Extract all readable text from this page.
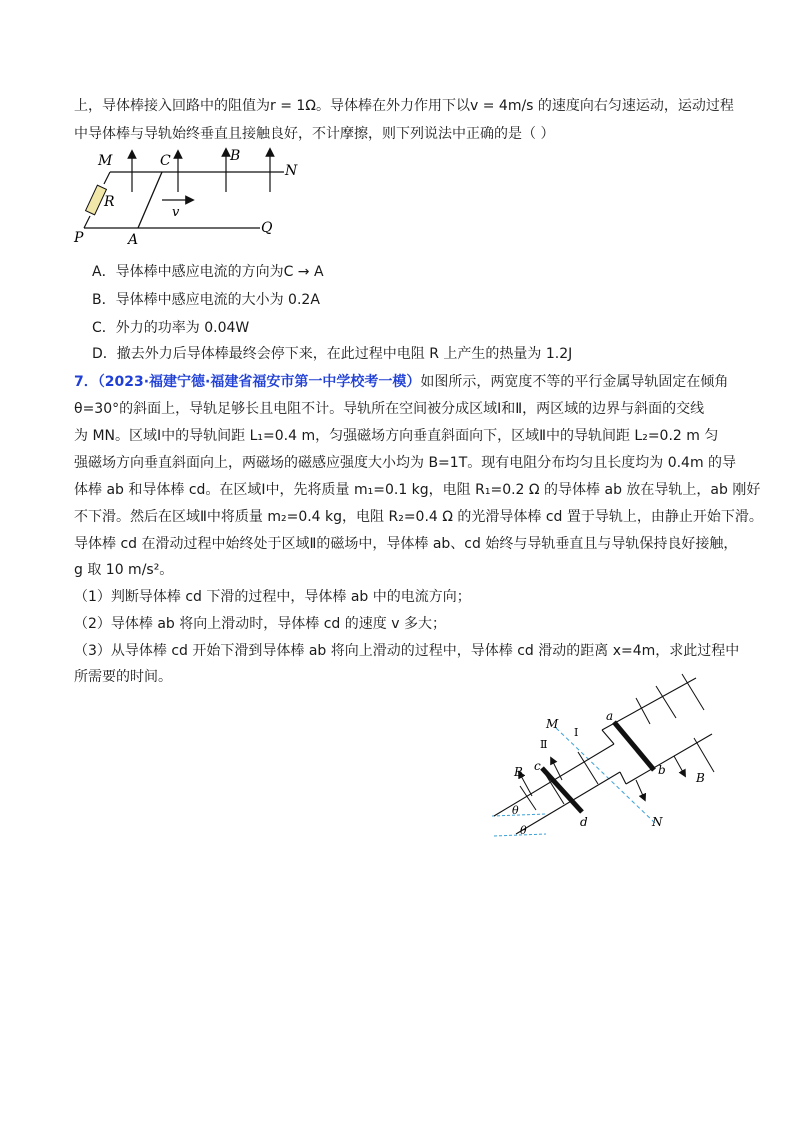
上，导体棒接入回路中的阻值为r = 1Ω。导体棒在外力作用下以v = 4m/s 的速度向右匀速运动，运动过程
中导体棒与导轨始终垂直且接触良好，不计摩擦，则下列说法中正确的是（ ）
M	C	B
N
R
v
P	A
Q
A．导体棒中感应电流的方向为C → A
B．导体棒中感应电流的大小为 0.2A
C．外力的功率为 0.04W
D．撤去外力后导体棒最终会停下来，在此过程中电阻 R 上产生的热量为 1.2J
7．（2023·福建宁德·福建省福安市第一中学校考一模）如图所示，两宽度不等的平行金属导轨固定在倾角
θ=30°的斜面上，导轨足够长且电阻不计。导轨所在空间被分成区域Ⅰ和Ⅱ，两区域的边界与斜面的交线
为 MN。区域Ⅰ中的导轨间距 L₁=0.4 m，匀强磁场方向垂直斜面向下，区域Ⅱ中的导轨间距 L₂=0.2 m 匀
强磁场方向垂直斜面向上，两磁场的磁感应强度大小均为 B=1T。现有电阻分布均匀且长度均为 0.4m 的导
体棒 ab 和导体棒 cd。在区域Ⅰ中，先将质量 m₁=0.1 kg，电阻 R₁=0.2 Ω 的导体棒 ab 放在导轨上，ab 刚好
不下滑。然后在区域Ⅱ中将质量 m₂=0.4 kg，电阻 R₂=0.4 Ω 的光滑导体棒 cd 置于导轨上，由静止开始下滑。
导体棒 cd 在滑动过程中始终处于区域Ⅱ的磁场中，导体棒 ab、cd 始终与导轨垂直且与导轨保持良好接触，
g 取 10 m/s²。
（1）判断导体棒 cd 下滑的过程中，导体棒 ab 中的电流方向；
（2）导体棒 ab 将向上滑动时，导体棒 cd 的速度 v 多大；
（3）从导体棒 cd 开始下滑到导体棒 ab 将向上滑动的过程中，导体棒 cd 滑动的距离 x=4m，求此过程中
所需要的时间。
M
Ⅰ
Ⅱ
a
b
c
d
B	B
N
θ
θ
